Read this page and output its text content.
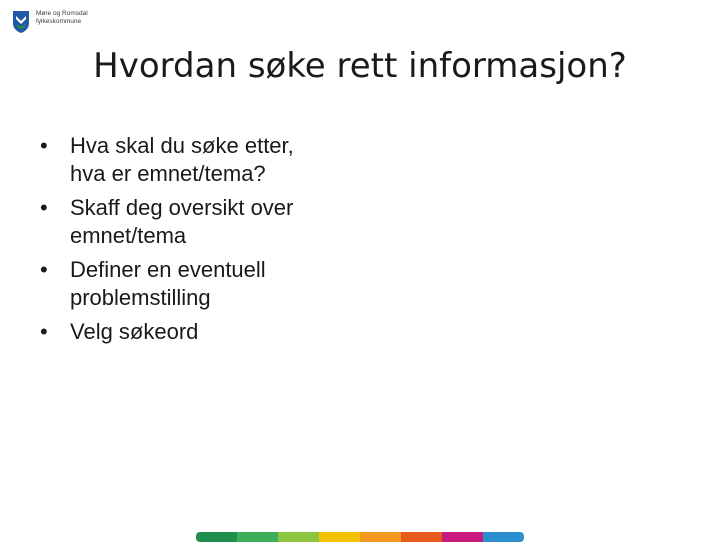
Møre og Romsdal
fylkeskommune
Hvordan søke rett informasjon?
•	Hva skal du søke etter,
hva er emnet/tema?
•	Skaff deg oversikt over
emnet/tema
•	Definer en eventuell
problemstilling
•	Velg søkeord
